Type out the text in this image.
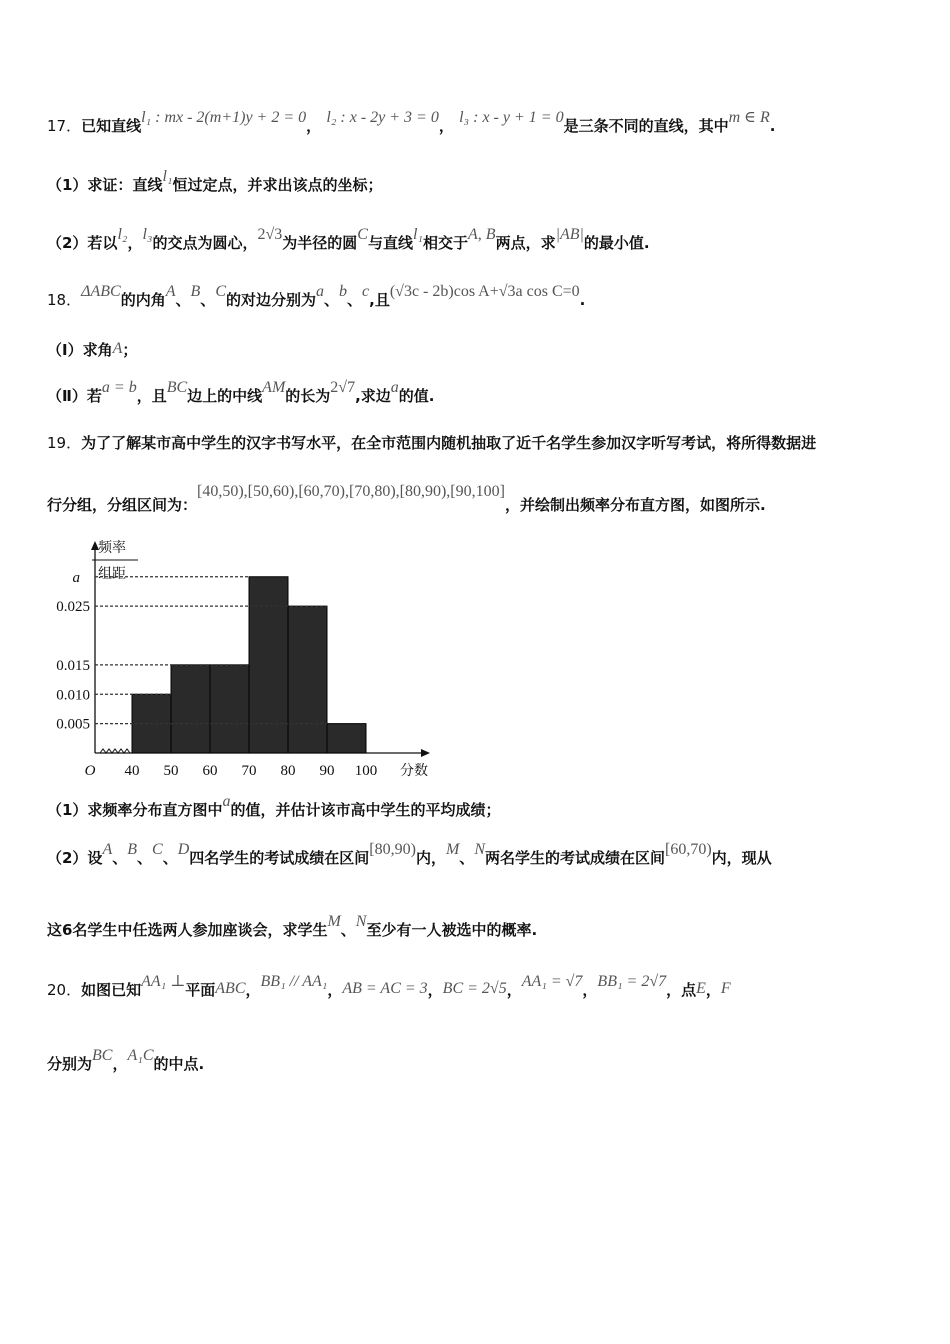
17．已知直线l₁ : mx - 2(m+1)y + 2 = 0， l₂ : x - 2y + 3 = 0， l₃ : x - y + 1 = 0是三条不同的直线，其中m ∈ R.
（1）求证：直线l₁恒过定点，并求出该点的坐标；
（2）若以l₂，l₃的交点为圆心，2√3为半径的圆C与直线l₁相交于A, B两点，求|AB|的最小值.
18．ΔABC的内角A、B、C的对边分别为a、b、c,且(√3c - 2b)cos A+√3a cos C=0.
（Ⅰ）求角A；
（Ⅱ）若a = b，且BC边上的中线AM的长为2√7,求边a的值.
19．为了了解某市高中学生的汉字书写水平，在全市范围内随机抽取了近千名学生参加汉字听写考试，将所得数据进
行分组，分组区间为：[40,50),[50,60),[60,70),[70,80),[80,90),[90,100]，并绘制出频率分布直方图，如图所示.
0.005
0.010
0.015
0.025
a
40 50 60 70 80 90 100
O
频率
组距
分数
（1）求频率分布直方图中a的值，并估计该市高中学生的平均成绩；
（2）设A、B、C、D四名学生的考试成绩在区间[80,90)内，M、N两名学生的考试成绩在区间[60,70)内，现从
这6名学生中任选两人参加座谈会，求学生M、N至少有一人被选中的概率.
20．如图已知AA₁ ⊥平面ABC，BB₁ // AA₁，AB = AC = 3，BC = 2√5，AA₁ = √7，BB₁ = 2√7，点E，F
分别为BC，A₁C的中点.
